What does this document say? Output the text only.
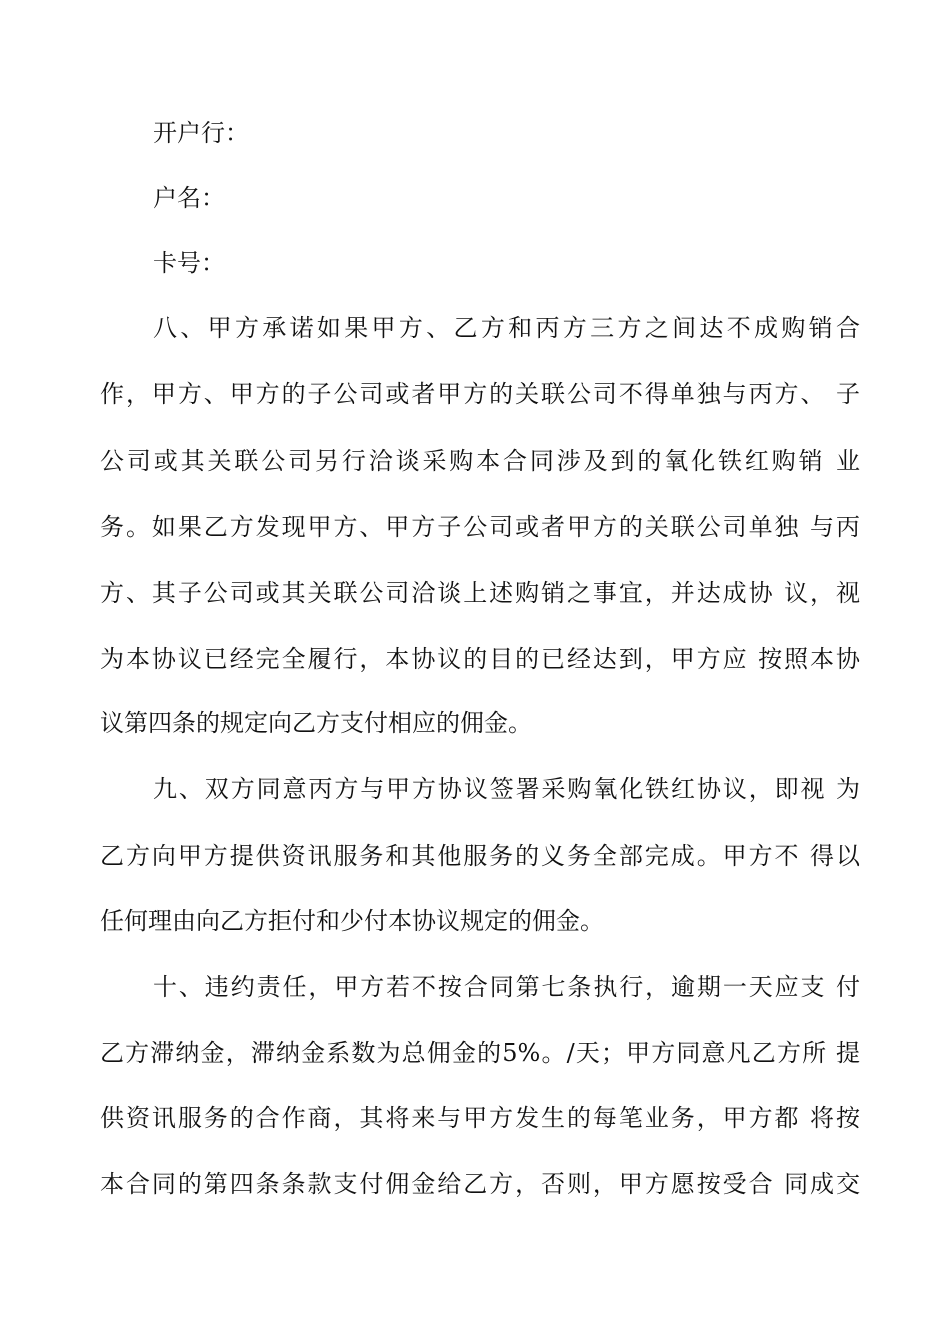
开户行：
户名：
卡号：
八、甲方承诺如果甲方、乙方和丙方三方之间达不成购销合
作，甲方、甲方的子公司或者甲方的关联公司不得单独与丙方、 子
公司或其关联公司另行洽谈采购本合同涉及到的氧化铁红购销 业
务。如果乙方发现甲方、甲方子公司或者甲方的关联公司单独 与丙
方、其子公司或其关联公司洽谈上述购销之事宜，并达成协 议，视
为本协议已经完全履行，本协议的目的已经达到，甲方应 按照本协
议第四条的规定向乙方支付相应的佣金。
九、双方同意丙方与甲方协议签署采购氧化铁红协议，即视 为
乙方向甲方提供资讯服务和其他服务的义务全部完成。甲方不 得以
任何理由向乙方拒付和少付本协议规定的佣金。
十、违约责任，甲方若不按合同第七条执行，逾期一天应支 付
乙方滞纳金，滞纳金系数为总佣金的5%。/天；甲方同意凡乙方所 提
供资讯服务的合作商，其将来与甲方发生的每笔业务，甲方都 将按
本合同的第四条条款支付佣金给乙方，否则，甲方愿按受合 同成交
